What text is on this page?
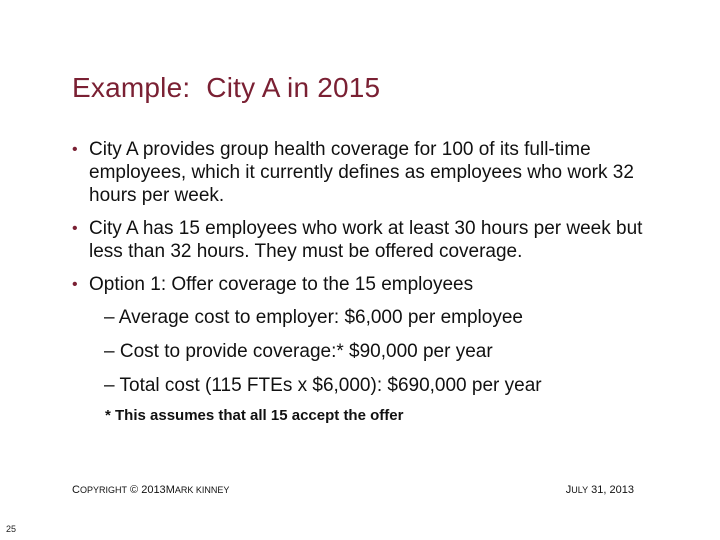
Example:  City A in 2015
• City A provides group health coverage for 100 of its full-time employees, which it currently defines as employees who work 32 hours per week.
• City A has 15 employees who work at least 30 hours per week but less than 32 hours. They must be offered coverage.
• Option 1: Offer coverage to the 15 employees
– Average cost to employer: $6,000 per employee
– Cost to provide coverage:* $90,000 per year
– Total cost (115 FTEs x $6,000): $690,000 per year
* This assumes that all 15 accept the offer
COPYRIGHT © 2013MARK KINNEY	JULY 31, 2013
25
